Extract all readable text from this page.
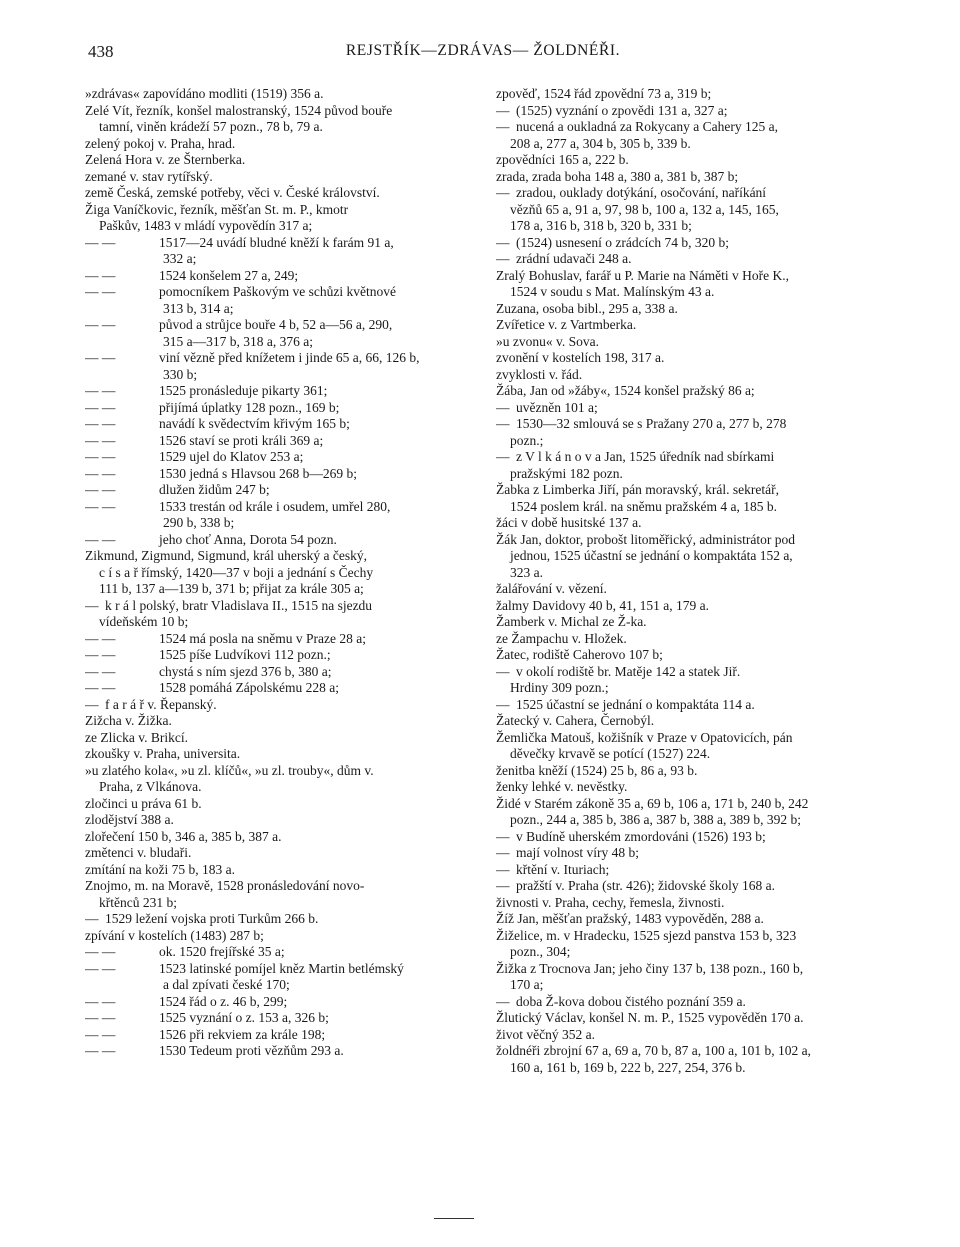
438	REJSTŘÍK—ZDRÁVAS— ŽOLDNÉŘI.

»zdrávas« zapovídáno modliti (1519) 356 a.

Zelé Vít, řezník, konšel malostranský, 1524 původ bouře

tamní, viněn krádeží 57 pozn., 78 b, 79 a.

zelený pokoj v. Praha, hrad.

Zelená Hora v. ze Šternberka.

zemané v. stav rytířský.

země Česká, zemské potřeby, věci v. České království.

Žiga Vaníčkovic, řezník, měšťan St. m. P., kmotr

Paškův, 1483 v mládí vypovědín 317 a;

— —	1517—24 uvádí bludné kněží k farám 91 a,

332 a;

— —	1524 konšelem 27 a, 249;

— —	pomocníkem Paškovým ve schůzi květnové

313 b, 314 a;

— —	původ a strůjce bouře 4 b, 52 a—56 a, 290,

315 a—317 b, 318 a, 376 a;

— —	viní vězně před knížetem i jinde 65 a, 66, 126 b,

330 b;

— —	1525 pronásleduje pikarty 361;

— —	přijímá úplatky 128 pozn., 169 b;

— —	navádí k svědectvím křivým 165 b;

— —	1526 staví se proti králi 369 a;

— —	1529 ujel do Klatov 253 a;

— —	1530 jedná s Hlavsou 268 b—269 b;

— —	dlužen židům 247 b;

— —	1533 trestán od krále i osudem, umřel 280,

290 b, 338 b;

— —	jeho choť Anna, Dorota 54 pozn.

Zikmund, Zigmund, Sigmund, král uherský a český,

c í s a ř římský, 1420—37 v boji a jednání s Čechy

111 b, 137 a—139 b, 371 b; přijat za krále 305 a;

— k r á l polský, bratr Vladislava II., 1515 na sjezdu

vídeňském 10 b;

— —	1524 má posla na sněmu v Praze 28 a;

— —	1525 píše Ludvíkovi 112 pozn.;

— —	chystá s ním sjezd 376 b, 380 a;

— —	1528 pomáhá Zápolskému 228 a;

— f a r á ř v. Řepanský.

Zižcha v. Žižka.

ze Zlicka v. Brikcí.

zkoušky v. Praha, universita.

»u zlatého kola«, »u zl. klíčů«, »u zl. trouby«, dům v.

Praha, z Vlkánova.

zločinci u práva 61 b.

zlodějství 388 a.

zlořečení 150 b, 346 a, 385 b, 387 a.

změtenci v. bludaři.

zmítání na koži 75 b, 183 a.

Znojmo, m. na Moravě, 1528 pronásledování novo-

křtěnců 231 b;

— 1529 ležení vojska proti Turkům 266 b.

zpívání v kostelích (1483) 287 b;

— —	ok. 1520 frejířské 35 a;

— —	1523 latinské pomíjel kněz Martin betlémský

a dal zpívati české 170;

— —	1524 řád o z. 46 b, 299;

— —	1525 vyznání o z. 153 a, 326 b;

— —	1526 při rekviem za krále 198;

— —	1530 Tedeum proti vězňům 293 a.

zpověď, 1524 řád zpovědní 73 a, 319 b;

— (1525) vyznání o zpovědi 131 a, 327 a;

— nucená a oukladná za Rokycany a Cahery 125 a,

208 a, 277 a, 304 b, 305 b, 339 b.

zpovědníci 165 a, 222 b.

zrada, zrada boha 148 a, 380 a, 381 b, 387 b;

— zradou, ouklady dotýkání, osočování, naříkání

vězňů 65 a, 91 a, 97, 98 b, 100 a, 132 a, 145, 165,

178 a, 316 b, 318 b, 320 b, 331 b;

— (1524) usnesení o zrádcích 74 b, 320 b;

— zrádní udavači 248 a.

Zralý Bohuslav, farář u P. Marie na Náměti v Hoře K.,

1524 v soudu s Mat. Malínským 43 a.

Zuzana, osoba bibl., 295 a, 338 a.

Zvířetice v. z Vartmberka.

»u zvonu« v. Sova.

zvonění v kostelích 198, 317 a.

zvyklosti v. řád.

Žába, Jan od »žáby«, 1524 konšel pražský 86 a;

— uvězněn 101 a;

— 1530—32 smlouvá se s Pražany 270 a, 277 b, 278

pozn.;

— z V l k á n o v a Jan, 1525 úředník nad sbírkami

pražskými 182 pozn.

Žabka z Limberka Jiří, pán moravský, král. sekretář,

1524 poslem král. na sněmu pražském 4 a, 185 b.

žáci v době husitské 137 a.

Žák Jan, doktor, probošt litoměřický, administrátor pod

jednou, 1525 účastní se jednání o kompaktáta 152 a,

323 a.

žalářování v. vězení.

žalmy Davidovy 40 b, 41, 151 a, 179 a.

Žamberk v. Michal ze Ž-ka.

ze Žampachu v. Hložek.

Žatec, rodiště Caherovo 107 b;

— v okolí rodiště br. Matěje 142 a statek Jiř.

Hrdiny 309 pozn.;

— 1525 účastní se jednání o kompaktáta 114 a.

Žatecký v. Cahera, Černobýl.

Žemlička Matouš, kožišník v Praze v Opatovicích, pán

děvečky krvavě se potící (1527) 224.

ženitba kněží (1524) 25 b, 86 a, 93 b.

ženky lehké v. nevěstky.

Židé v Starém zákoně 35 a, 69 b, 106 a, 171 b, 240 b, 242

pozn., 244 a, 385 b, 386 a, 387 b, 388 a, 389 b, 392 b;

— v Budíně uherském zmordováni (1526) 193 b;

— mají volnost víry 48 b;

— křtění v. Ituriach;

— pražští v. Praha (str. 426); židovské školy 168 a.

živnosti v. Praha, cechy, řemesla, živnosti.

Žíž Jan, měšťan pražský, 1483 vypověděn, 288 a.

Žiželice, m. v Hradecku, 1525 sjezd panstva 153 b, 323

pozn., 304;

Žižka z Trocnova Jan; jeho činy 137 b, 138 pozn., 160 b,

170 a;

— doba Ž-kova dobou čistého poznání 359 a.

Žlutický Václav, konšel N. m. P., 1525 vypověděn 170 a.

život věčný 352 a.

žoldnéři zbrojní 67 a, 69 a, 70 b, 87 a, 100 a, 101 b, 102 a,

160 a, 161 b, 169 b, 222 b, 227, 254, 376 b.
